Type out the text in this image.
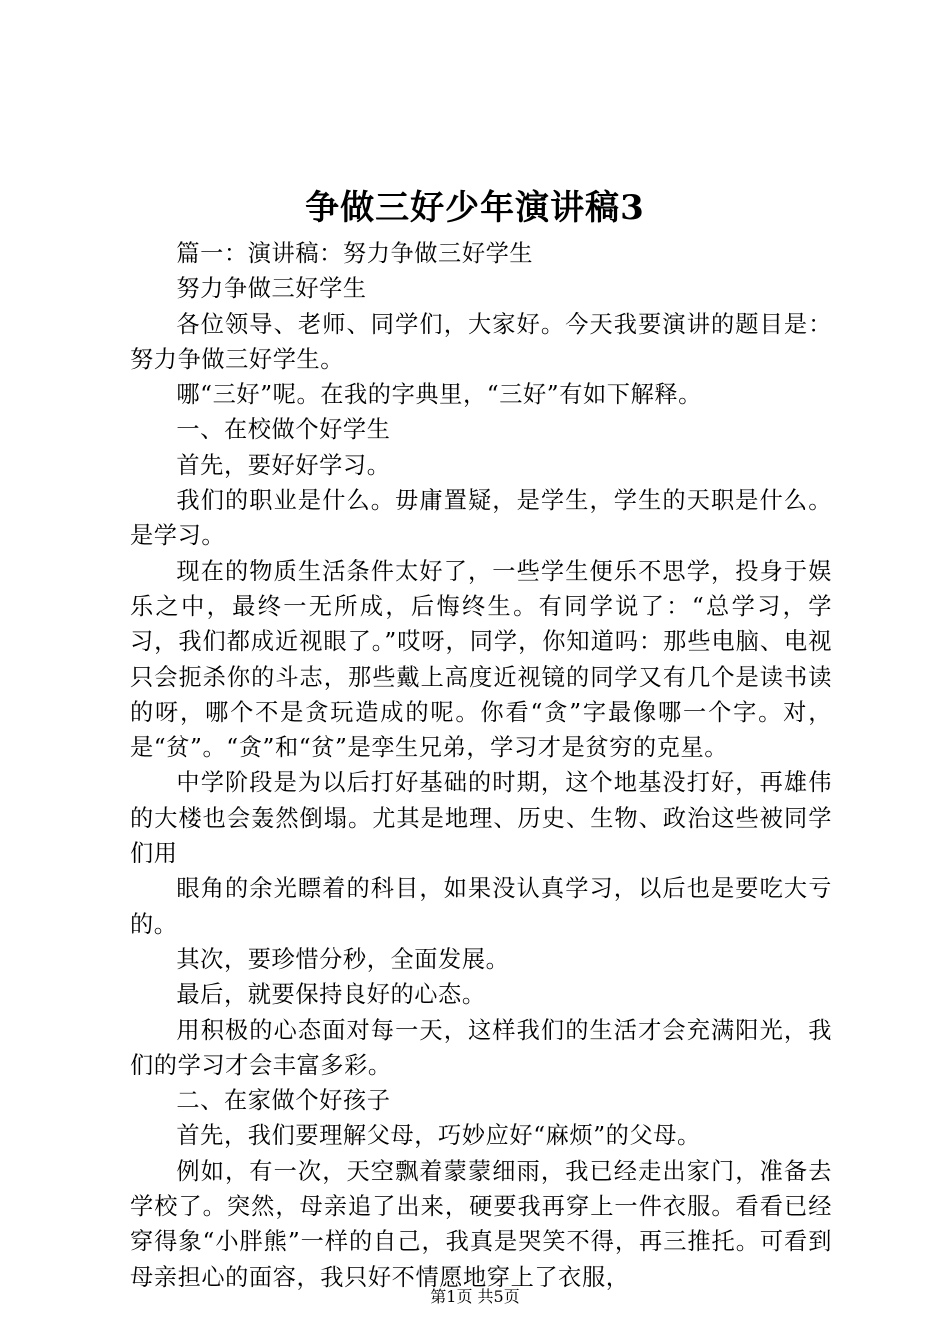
争做三好少年演讲稿3

篇一：演讲稿：努力争做三好学生

努力争做三好学生

各位领导、老师、同学们，大家好。今天我要演讲的题目是：努力争做三好学生。

哪“三好”呢。在我的字典里，“三好”有如下解释。

一、在校做个好学生

首先，要好好学习。

我们的职业是什么。毋庸置疑，是学生，学生的天职是什么。是学习。

现在的物质生活条件太好了，一些学生便乐不思学，投身于娱乐之中，最终一无所成，后悔终生。有同学说了：“总学习，学习，我们都成近视眼了。”哎呀，同学，你知道吗：那些电脑、电视只会扼杀你的斗志，那些戴上高度近视镜的同学又有几个是读书读的呀，哪个不是贪玩造成的呢。你看“贪”字最像哪一个字。对，是“贫”。“贪”和“贫”是孪生兄弟，学习才是贫穷的克星。

中学阶段是为以后打好基础的时期，这个地基没打好，再雄伟的大楼也会轰然倒塌。尤其是地理、历史、生物、政治这些被同学们用

眼角的余光瞟着的科目，如果没认真学习，以后也是要吃大亏的。

其次，要珍惜分秒，全面发展。

最后，就要保持良好的心态。

用积极的心态面对每一天，这样我们的生活才会充满阳光，我们的学习才会丰富多彩。

二、在家做个好孩子

首先，我们要理解父母，巧妙应好“麻烦”的父母。

例如，有一次，天空飘着蒙蒙细雨，我已经走出家门，准备去学校了。突然，母亲追了出来，硬要我再穿上一件衣服。看看已经穿得象“小胖熊”一样的自己，我真是哭笑不得，再三推托。可看到母亲担心的面容，我只好不情愿地穿上了衣服，

第1页 共5页
